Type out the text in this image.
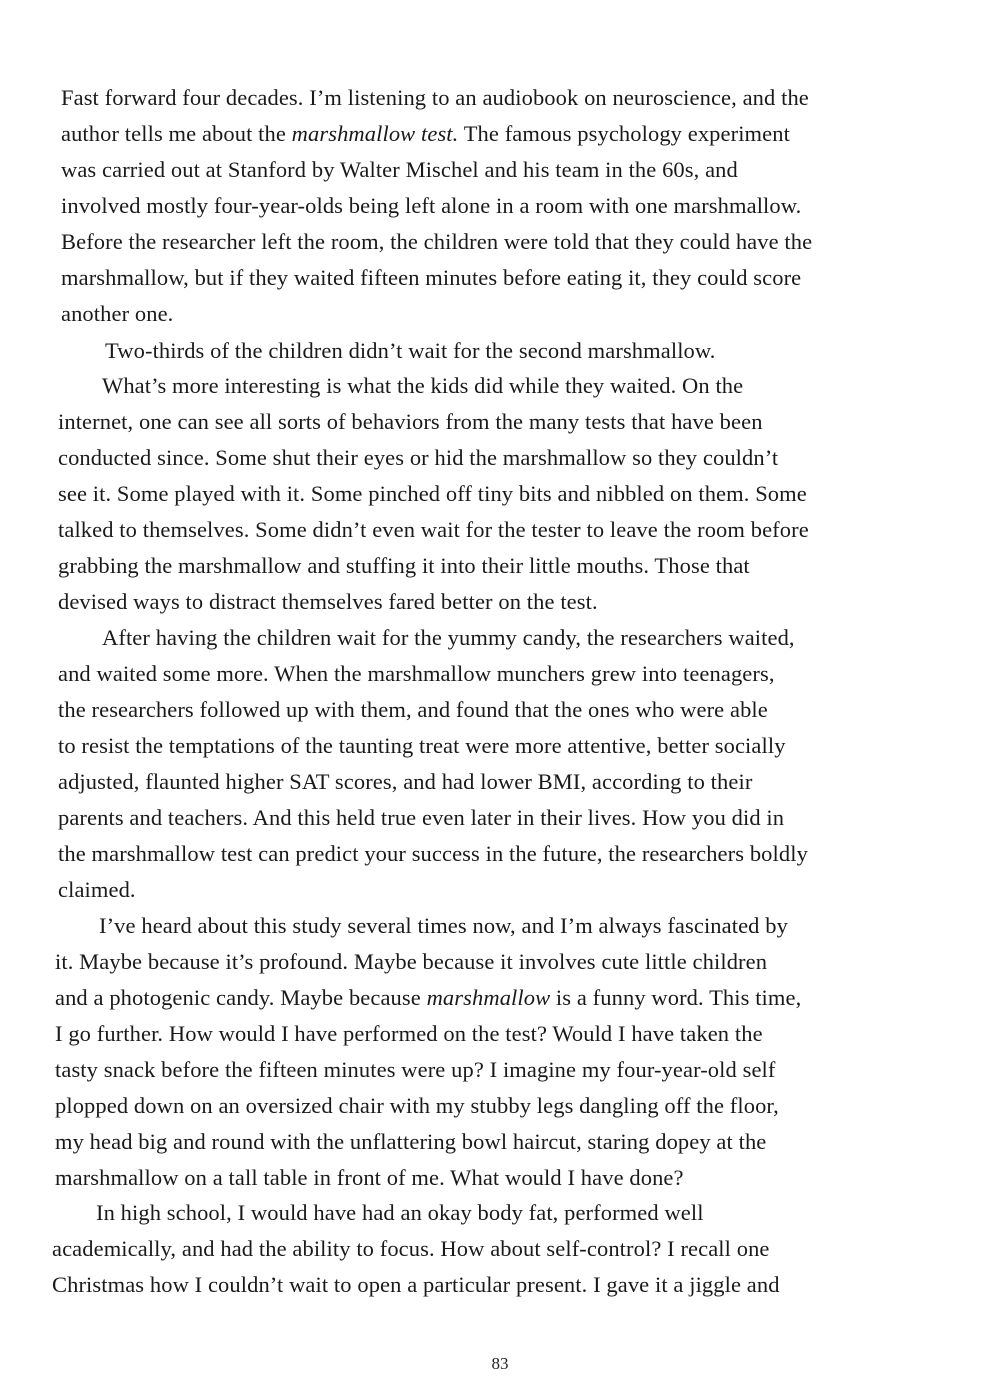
Fast forward four decades. I’m listening to an audiobook on neuroscience, and the
author tells me about the marshmallow test. The famous psychology experiment
was carried out at Stanford by Walter Mischel and his team in the 60s, and
involved mostly four-year-olds being left alone in a room with one marshmallow.
Before the researcher left the room, the children were told that they could have the
marshmallow, but if they waited fifteen minutes before eating it, they could score
another one.
Two-thirds of the children didn’t wait for the second marshmallow.
What’s more interesting is what the kids did while they waited. On the
internet, one can see all sorts of behaviors from the many tests that have been
conducted since. Some shut their eyes or hid the marshmallow so they couldn’t
see it. Some played with it. Some pinched off tiny bits and nibbled on them. Some
talked to themselves. Some didn’t even wait for the tester to leave the room before
grabbing the marshmallow and stuffing it into their little mouths. Those that
devised ways to distract themselves fared better on the test.
After having the children wait for the yummy candy, the researchers waited,
and waited some more. When the marshmallow munchers grew into teenagers,
the researchers followed up with them, and found that the ones who were able
to resist the temptations of the taunting treat were more attentive, better socially
adjusted, flaunted higher SAT scores, and had lower BMI, according to their
parents and teachers. And this held true even later in their lives. How you did in
the marshmallow test can predict your success in the future, the researchers boldly
claimed.
I’ve heard about this study several times now, and I’m always fascinated by
it. Maybe because it’s profound. Maybe because it involves cute little children
and a photogenic candy. Maybe because marshmallow is a funny word. This time,
I go further. How would I have performed on the test? Would I have taken the
tasty snack before the fifteen minutes were up? I imagine my four-year-old self
plopped down on an oversized chair with my stubby legs dangling off the floor,
my head big and round with the unflattering bowl haircut, staring dopey at the
marshmallow on a tall table in front of me. What would I have done?
In high school, I would have had an okay body fat, performed well
academically, and had the ability to focus. How about self-control? I recall one
Christmas how I couldn’t wait to open a particular present. I gave it a jiggle and
83
